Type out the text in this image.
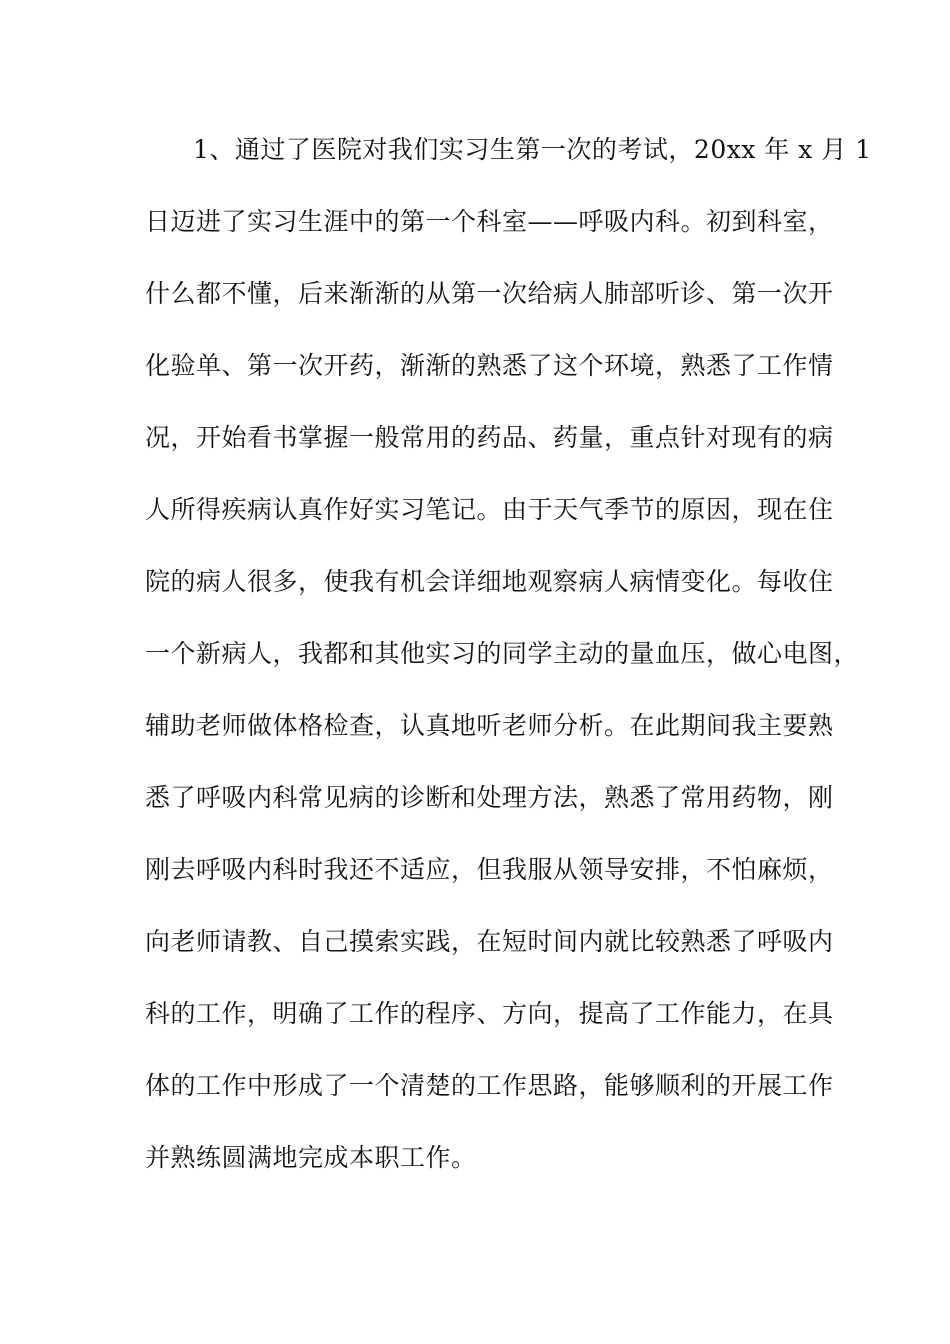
1、通过了医院对我们实习生第一次的考试，20xx 年 x 月 1
日迈进了实习生涯中的第一个科室——呼吸内科。初到科室，
什么都不懂，后来渐渐的从第一次给病人肺部听诊、第一次开
化验单、第一次开药，渐渐的熟悉了这个环境，熟悉了工作情
况，开始看书掌握一般常用的药品、药量，重点针对现有的病
人所得疾病认真作好实习笔记。由于天气季节的原因，现在住
院的病人很多，使我有机会详细地观察病人病情变化。每收住
一个新病人，我都和其他实习的同学主动的量血压，做心电图，
辅助老师做体格检查，认真地听老师分析。在此期间我主要熟
悉了呼吸内科常见病的诊断和处理方法，熟悉了常用药物，刚
刚去呼吸内科时我还不适应，但我服从领导安排，不怕麻烦，
向老师请教、自己摸索实践，在短时间内就比较熟悉了呼吸内
科的工作，明确了工作的程序、方向，提高了工作能力，在具
体的工作中形成了一个清楚的工作思路，能够顺利的开展工作
并熟练圆满地完成本职工作。
